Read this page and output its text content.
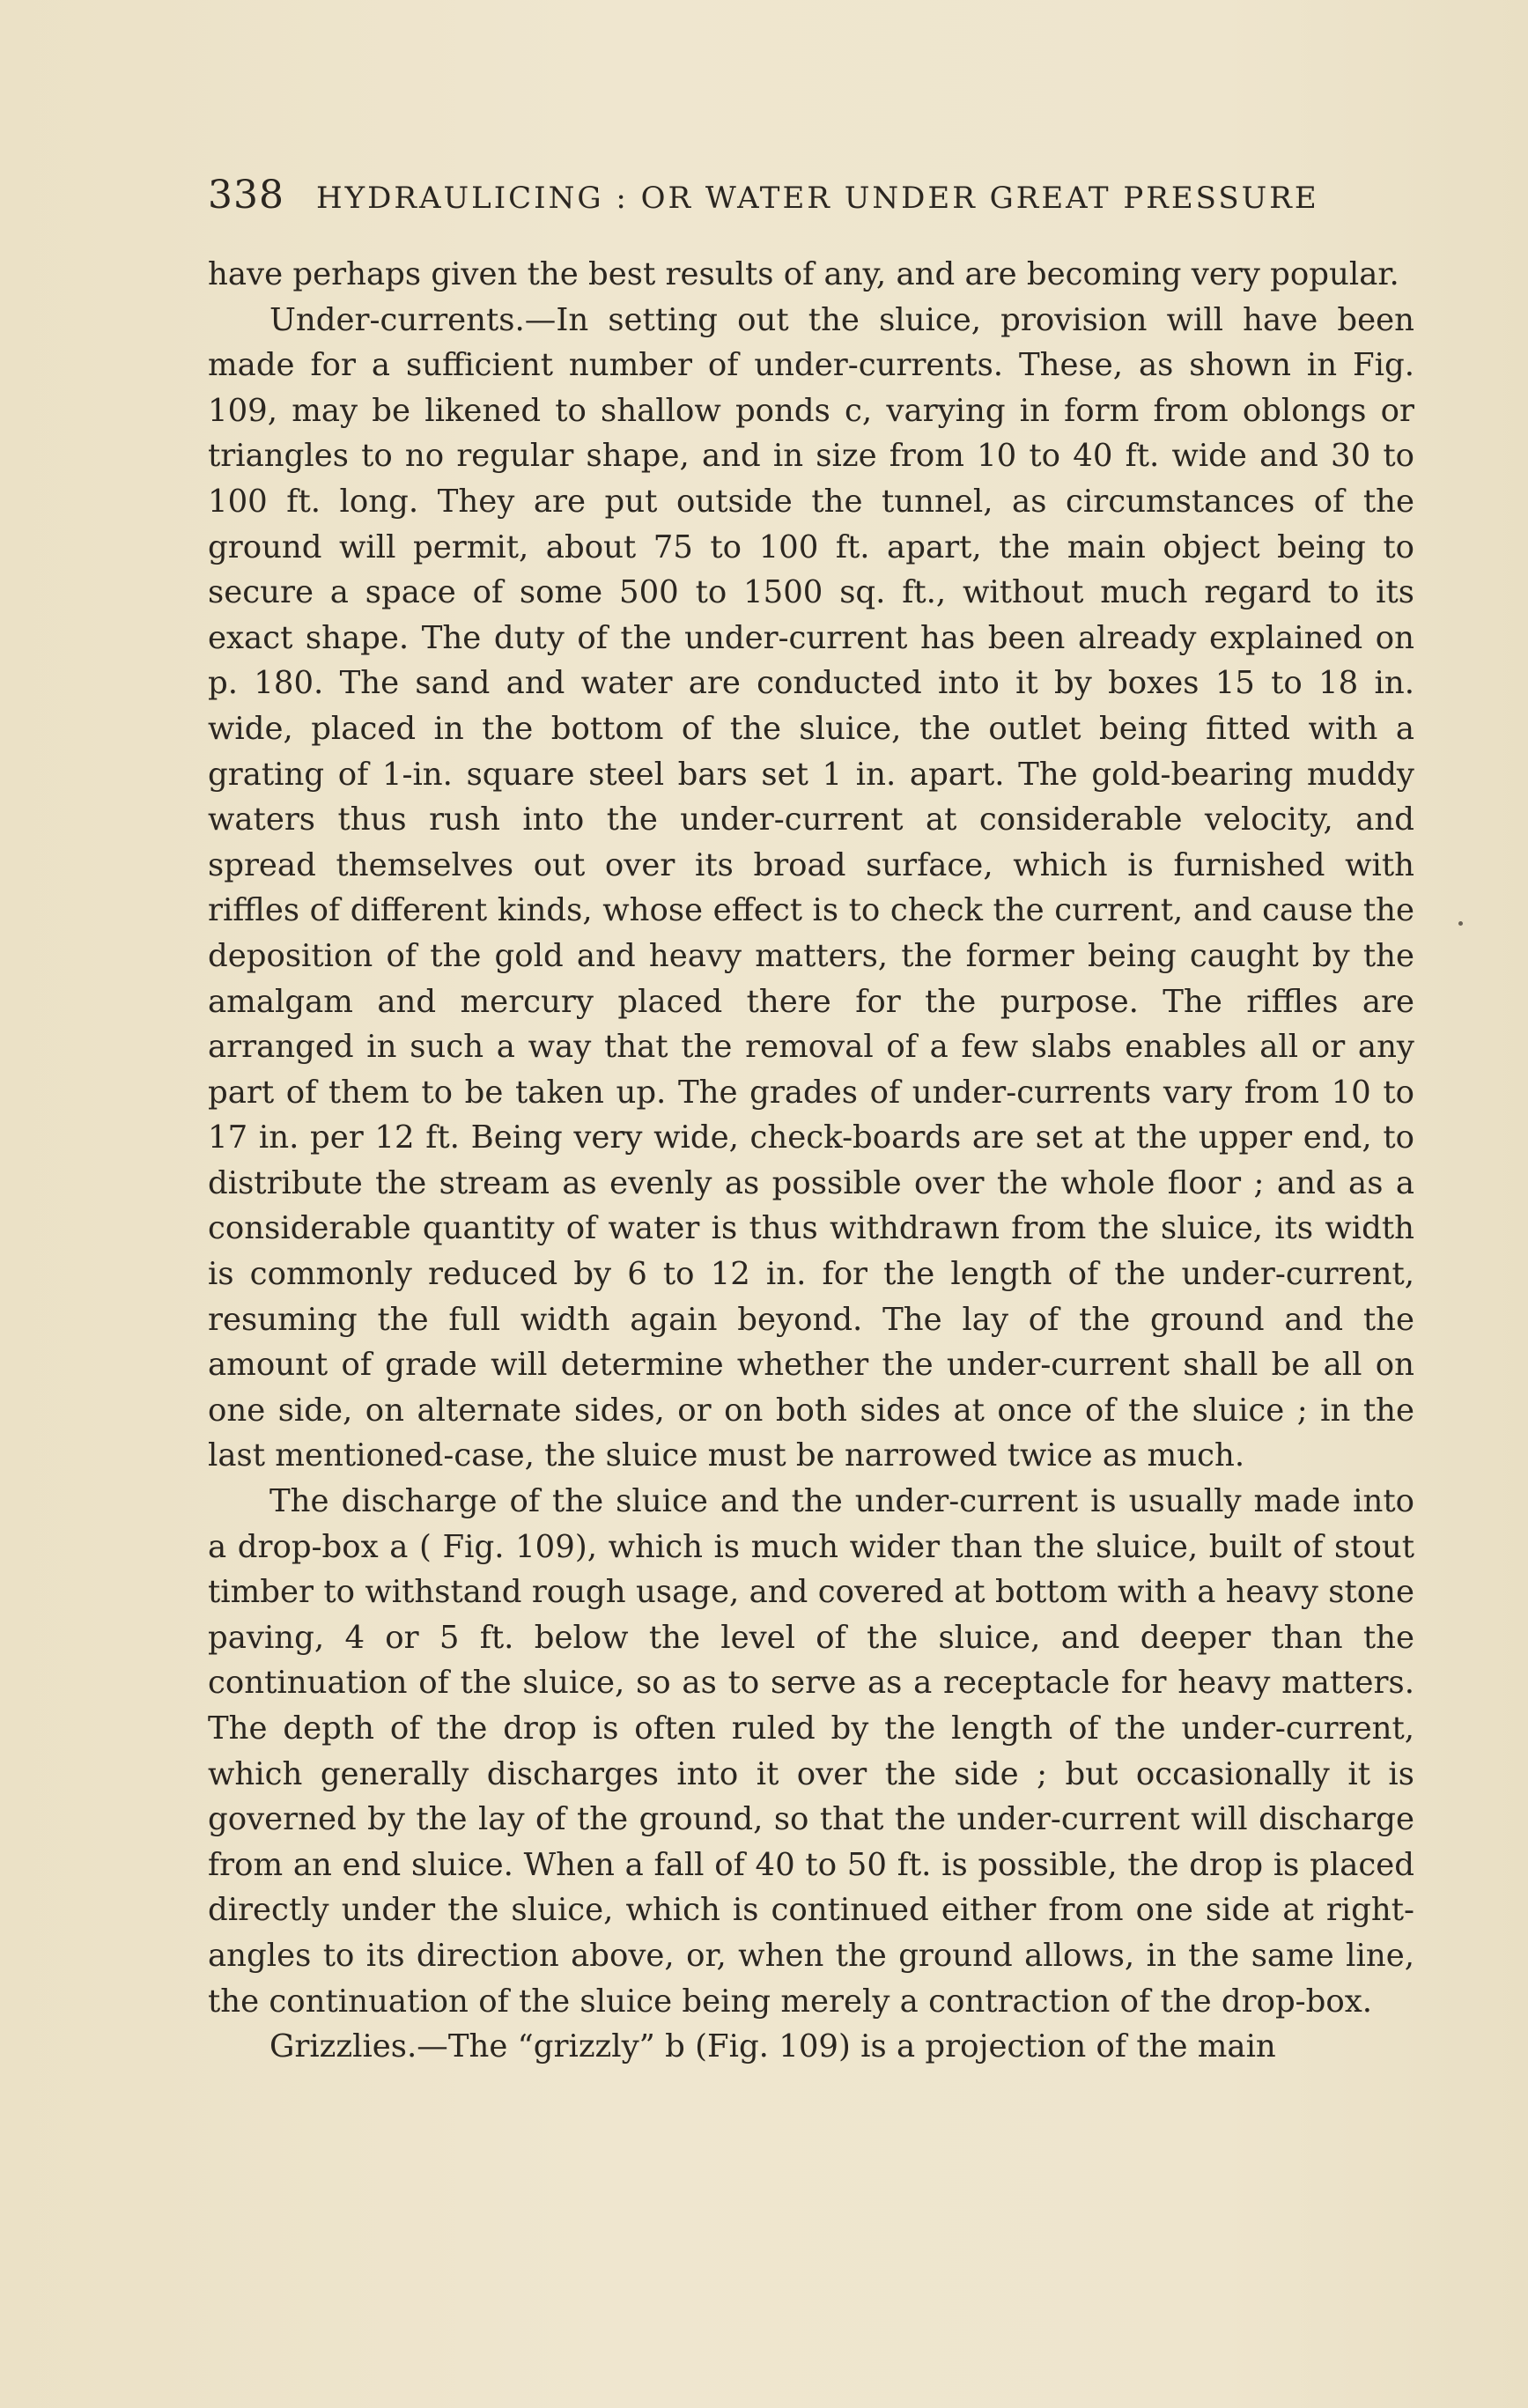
338 HYDRAULICING : OR WATER UNDER GREAT PRESSURE

have perhaps given the best results of any, and are becoming very popular.

Under-currents.—In setting out the sluice, provision will have been made for a sufficient number of under-currents. These, as shown in Fig. 109, may be likened to shallow ponds c, varying in form from oblongs or triangles to no regular shape, and in size from 10 to 40 ft. wide and 30 to 100 ft. long. They are put outside the tunnel, as circumstances of the ground will permit, about 75 to 100 ft. apart, the main object being to secure a space of some 500 to 1500 sq. ft., without much regard to its exact shape. The duty of the under-current has been already explained on p. 180. The sand and water are conducted into it by boxes 15 to 18 in. wide, placed in the bottom of the sluice, the outlet being fitted with a grating of 1-in. square steel bars set 1 in. apart. The gold-bearing muddy waters thus rush into the under-current at considerable velocity, and spread themselves out over its broad surface, which is furnished with riffles of different kinds, whose effect is to check the current, and cause the deposition of the gold and heavy matters, the former being caught by the amalgam and mercury placed there for the purpose. The riffles are arranged in such a way that the removal of a few slabs enables all or any part of them to be taken up. The grades of under-currents vary from 10 to 17 in. per 12 ft. Being very wide, check-boards are set at the upper end, to distribute the stream as evenly as possible over the whole floor ; and as a considerable quantity of water is thus withdrawn from the sluice, its width is commonly reduced by 6 to 12 in. for the length of the under-current, resuming the full width again beyond. The lay of the ground and the amount of grade will determine whether the under-current shall be all on one side, on alternate sides, or on both sides at once of the sluice ; in the last mentioned-case, the sluice must be narrowed twice as much.

The discharge of the sluice and the under-current is usually made into a drop-box a ( Fig. 109), which is much wider than the sluice, built of stout timber to withstand rough usage, and covered at bottom with a heavy stone paving, 4 or 5 ft. below the level of the sluice, and deeper than the continuation of the sluice, so as to serve as a receptacle for heavy matters. The depth of the drop is often ruled by the length of the under-current, which generally discharges into it over the side ; but occasionally it is governed by the lay of the ground, so that the under-current will discharge from an end sluice. When a fall of 40 to 50 ft. is possible, the drop is placed directly under the sluice, which is continued either from one side at right-angles to its direction above, or, when the ground allows, in the same line, the continuation of the sluice being merely a contraction of the drop-box.

Grizzlies.—The “grizzly” b (Fig. 109) is a projection of the main
